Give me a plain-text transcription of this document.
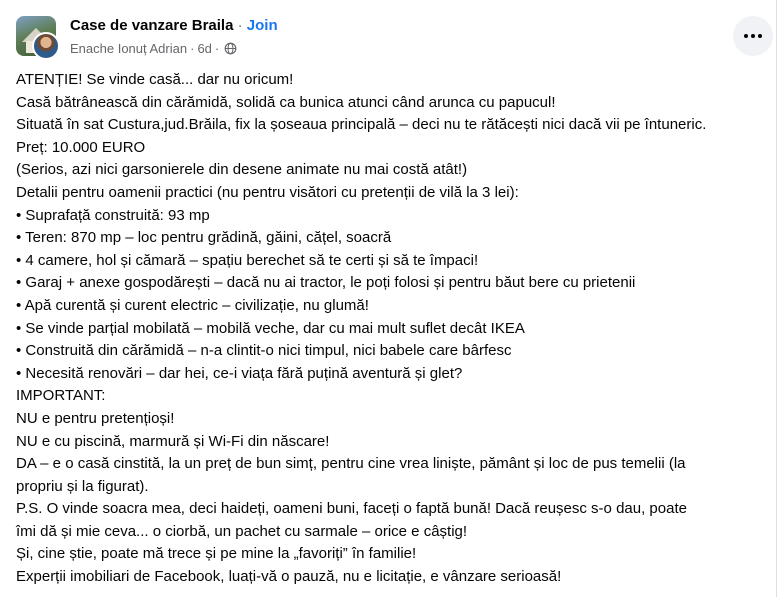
Case de vanzare Braila · Join
Enache Ionuț Adrian · 6d ·
ATENȚIE! Se vinde casă... dar nu oricum!
Casă bătrânească din cărămidă, solidă ca bunica atunci când arunca cu papucul!
Situată în sat Custura,jud.Brăila, fix la șoseaua principală – deci nu te rătăcești nici dacă vii pe întuneric.
Preț: 10.000 EURO
(Serios, azi nici garsonierele din desene animate nu mai costă atât!)
Detalii pentru oamenii practici (nu pentru visători cu pretenții de vilă la 3 lei):
• Suprafață construită: 93 mp
• Teren: 870 mp – loc pentru grădină, găini, cățel, soacră
• 4 camere, hol și cămară – spațiu berechet să te certi și să te împaci!
• Garaj + anexe gospodărești – dacă nu ai tractor, le poți folosi și pentru băut bere cu prietenii
• Apă curentă și curent electric – civilizație, nu glumă!
• Se vinde parțial mobilată – mobilă veche, dar cu mai mult suflet decât IKEA
• Construită din cărămidă – n-a clintit-o nici timpul, nici babele care bârfesc
• Necesită renovări – dar hei, ce-i viața fără puțină aventură și glet?
IMPORTANT:
NU e pentru pretențioși!
NU e cu piscină, marmură și Wi-Fi din născare!
DA – e o casă cinstită, la un preț de bun simț, pentru cine vrea liniște, pământ și loc de pus temelii (la
propriu și la figurat).
P.S. O vinde soacra mea, deci haideți, oameni buni, faceți o faptă bună! Dacă reușesc s-o dau, poate
îmi dă și mie ceva... o ciorbă, un pachet cu sarmale – orice e câștig!
Și, cine știe, poate mă trece și pe mine la „favoriți” în familie!
Experții imobiliari de Facebook, luați-vă o pauză, nu e licitație, e vânzare serioasă!
